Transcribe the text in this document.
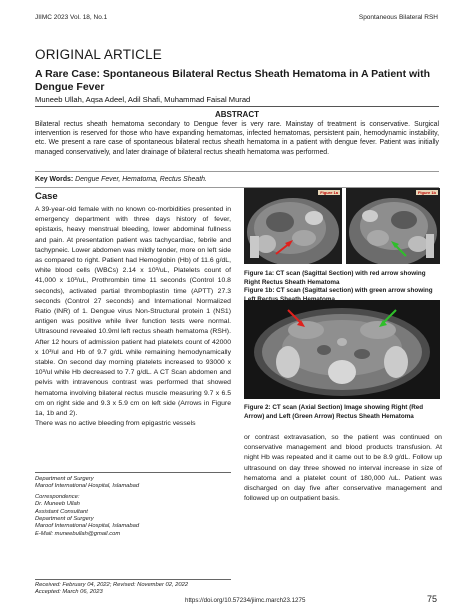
JIIMC 2023 Vol. 18, No.1	Spontaneous Bilateral RSH
ORIGINAL ARTICLE
A Rare Case: Spontaneous Bilateral Rectus Sheath Hematoma in A Patient with Dengue Fever
Muneeb Ullah, Aqsa Adeel, Adil Shafi, Muhammad Faisal Murad
ABSTRACT
Bilateral rectus sheath hematoma secondary to Dengue fever is very rare. Mainstay of treatment is conservative. Surgical intervention is reserved for those who have expanding hematomas, infected hematomas, persistent pain, hemodynamic instability, etc. We present a rare case of spontaneous bilateral rectus sheath hematoma in a patient with dengue fever. Patient was initially managed conservatively, and later drainage of bilateral rectus sheath hematoma was performed.
Key Words: Dengue Fever, Hematoma, Rectus Sheath.
Case

A 39-year-old female with no known co-morbidities presented in emergency department with three days history of fever, epistaxis, heavy menstrual bleeding, lower abdominal fullness and pain. At presentation patient was tachycardiac, febrile and tachypneic. Lower abdomen was mildly tender, more on left side as compared to right. Patient had Hemoglobin (Hb) of 11.6 g/dL, white blood cells (WBCs) 2.14 x 10³/uL, Platelets count of 41,000 x 10³/uL, Prothrombin time 11 seconds (Control 10.8 seconds), activated partial thromboplastin time (APTT) 27.3 seconds (Control 27 seconds) and International Normalized Ratio (INR) of 1. Dengue virus Non-Structural protein 1 (NS1) antigen was positive while liver function tests were normal. Ultrasound revealed 10.9ml left rectus sheath hematoma (RSH). After 12 hours of admission patient had platelets count of 42000 x 10³/ul and Hb of 9.7 g/dL while remaining hemodynamically stable. On second day morning platelets increased to 93000 x 10³/ul while Hb decreased to 7.7 g/dL. A CT Scan abdomen and pelvis with intravenous contrast was performed that showed hematoma involving bilateral rectus muscle measuring 9.7 x 6.5 cm on right side and 9.3 x 5.9 cm on left side (Arrows in Figure 1a, 1b and 2).

There was no active bleeding from epigastric vessels

Department of Surgery
Maroof International Hospital, Islamabad
Correspondence:
Dr. Muneeb Ullah
Assistant Consultant
Department of Surgery
Maroof International Hospital, Islamabad
E-Mail: muneebullah@gmail.com
Received: February 04, 2022; Revised: November 02, 2022
Accepted: March 06, 2023
Figure 1a	Figure 1b
Figure 1a: CT scan (Sagittal Section) with red arrow showing Right Rectus Sheath Hematoma
Figure 1b: CT scan (Sagittal section) with green arrow showing
Figure 2: CT scan (Axial Section) Image showing Right (Red Arrow) and Left (Green Arrow) Rectus Sheath Hematoma

or contrast extravasation, so the patient was continued on conservative management and blood products transfusion. At night Hb was repeated and it came out to be 8.9 g/dL. Follow up ultrasound on day three showed no interval increase in size of hematoma and a platelet count of 180,000 /uL. Patient was discharged on day five after conservative management and followed up on outpatient basis.

https://doi.org/10.57234/jiimc.march23.1275	75
